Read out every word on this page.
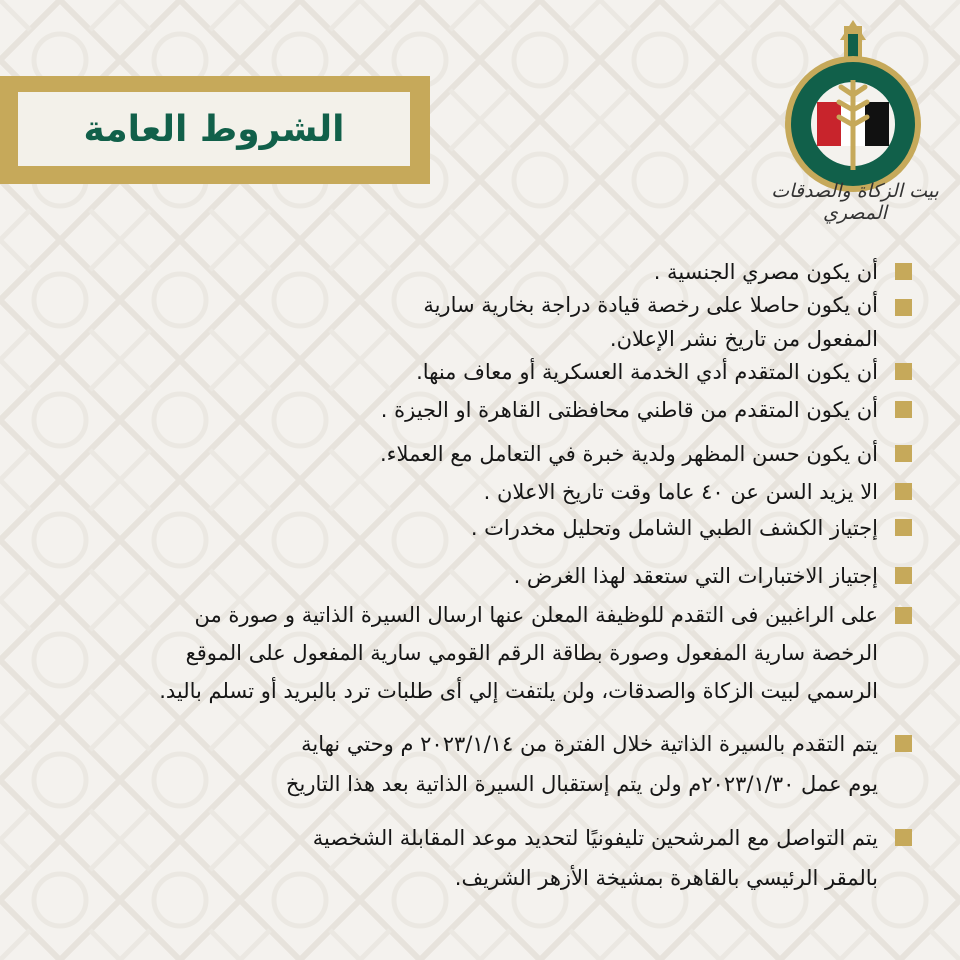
الشروط العامة
بيت الزكاة والصدقات المصري
أن يكون مصري الجنسية .
أن يكون حاصلا على رخصة قيادة دراجة بخارية سارية
المفعول من تاريخ نشر الإعلان.
أن يكون المتقدم أدي الخدمة العسكرية أو معاف منها.
أن يكون المتقدم من قاطني محافظتى القاهرة او الجيزة .
أن يكون حسن المظهر ولدية خبرة في التعامل مع العملاء.
الا يزيد السن عن ٤٠ عاما وقت تاريخ الاعلان .
إجتياز الكشف الطبي الشامل وتحليل مخدرات .
إجتياز الاختبارات التي ستعقد لهذا الغرض .
على الراغبين فى التقدم للوظيفة المعلن عنها ارسال السيرة الذاتية و صورة من
الرخصة سارية المفعول وصورة بطاقة الرقم القومي سارية المفعول على الموقع
الرسمي لبيت الزكاة والصدقات، ولن يلتفت إلي أى طلبات ترد بالبريد أو تسلم باليد.
يتم التقدم بالسيرة الذاتية خلال الفترة من ٢٠٢٣/١/١٤ م وحتي نهاية
يوم عمل ٢٠٢٣/١/٣٠م ولن يتم إستقبال السيرة الذاتية بعد هذا التاريخ
يتم التواصل مع المرشحين تليفونيًا لتحديد موعد المقابلة الشخصية
بالمقر الرئيسي بالقاهرة بمشيخة الأزهر الشريف.
